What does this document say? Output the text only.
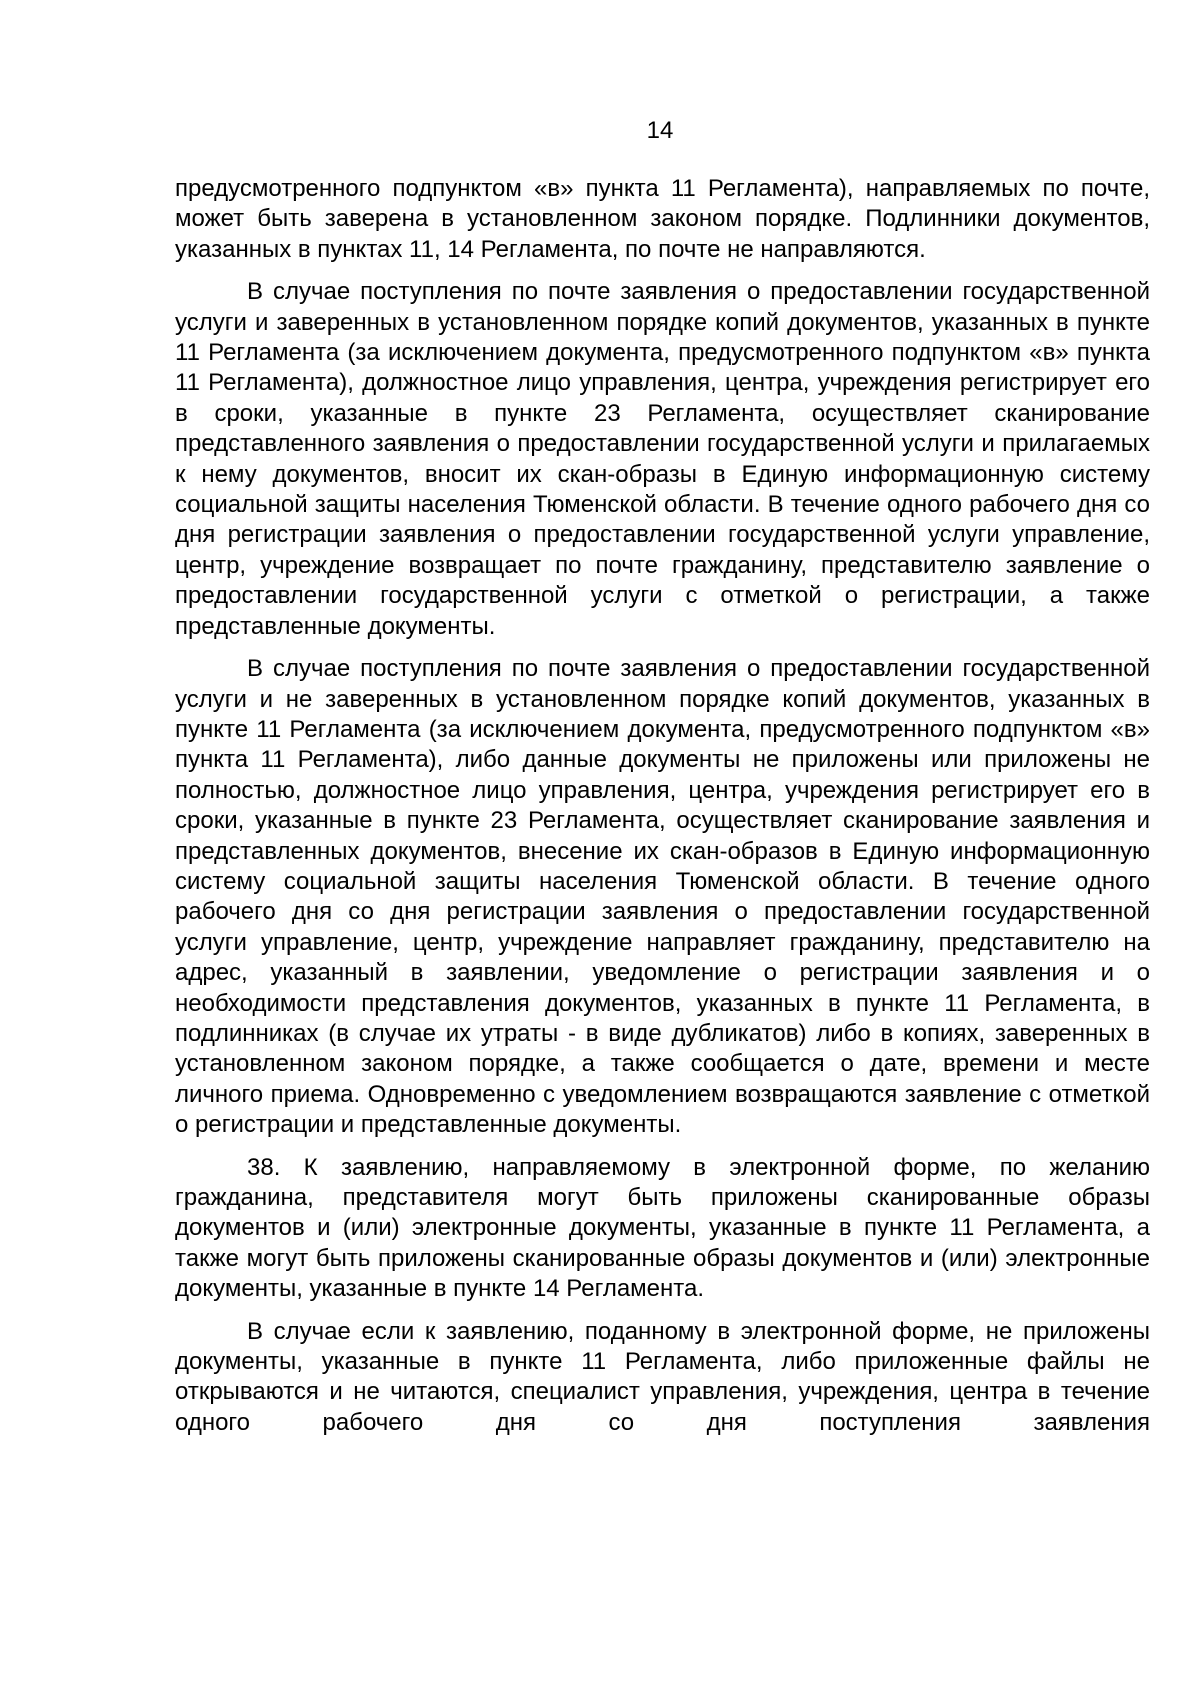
14

предусмотренного подпунктом «в» пункта 11 Регламента), направляемых по почте, может быть заверена в установленном законом порядке. Подлинники документов, указанных в пунктах 11, 14 Регламента, по почте не направляются.

В случае поступления по почте заявления о предоставлении государственной услуги и заверенных в установленном порядке копий документов, указанных в пункте 11 Регламента (за исключением документа, предусмотренного подпунктом «в» пункта 11 Регламента), должностное лицо управления, центра, учреждения регистрирует его в сроки, указанные в пункте 23 Регламента, осуществляет сканирование представленного заявления о предоставлении государственной услуги и прилагаемых к нему документов, вносит их скан-образы в Единую информационную систему социальной защиты населения Тюменской области. В течение одного рабочего дня со дня регистрации заявления о предоставлении государственной услуги управление, центр, учреждение возвращает по почте гражданину, представителю заявление о предоставлении государственной услуги с отметкой о регистрации, а также представленные документы.

В случае поступления по почте заявления о предоставлении государственной услуги и не заверенных в установленном порядке копий документов, указанных в пункте 11 Регламента (за исключением документа, предусмотренного подпунктом «в» пункта 11 Регламента), либо данные документы не приложены или приложены не полностью, должностное лицо управления, центра, учреждения регистрирует его в сроки, указанные в пункте 23 Регламента, осуществляет сканирование заявления и представленных документов, внесение их скан-образов в Единую информационную систему социальной защиты населения Тюменской области. В течение одного рабочего дня со дня регистрации заявления о предоставлении государственной услуги управление, центр, учреждение направляет гражданину, представителю на адрес, указанный в заявлении, уведомление о регистрации заявления и о необходимости представления документов, указанных в пункте 11 Регламента, в подлинниках (в случае их утраты - в виде дубликатов) либо в копиях, заверенных в установленном законом порядке, а также сообщается о дате, времени и месте личного приема. Одновременно с уведомлением возвращаются заявление с отметкой о регистрации и представленные документы.

38. К заявлению, направляемому в электронной форме, по желанию гражданина, представителя могут быть приложены сканированные образы документов и (или) электронные документы, указанные в пункте 11 Регламента, а также могут быть приложены сканированные образы документов и (или) электронные документы, указанные в пункте 14 Регламента.

В случае если к заявлению, поданному в электронной форме, не приложены документы, указанные в пункте 11 Регламента, либо приложенные файлы не открываются и не читаются, специалист управления, учреждения, центра в течение одного рабочего дня со дня поступления заявления
